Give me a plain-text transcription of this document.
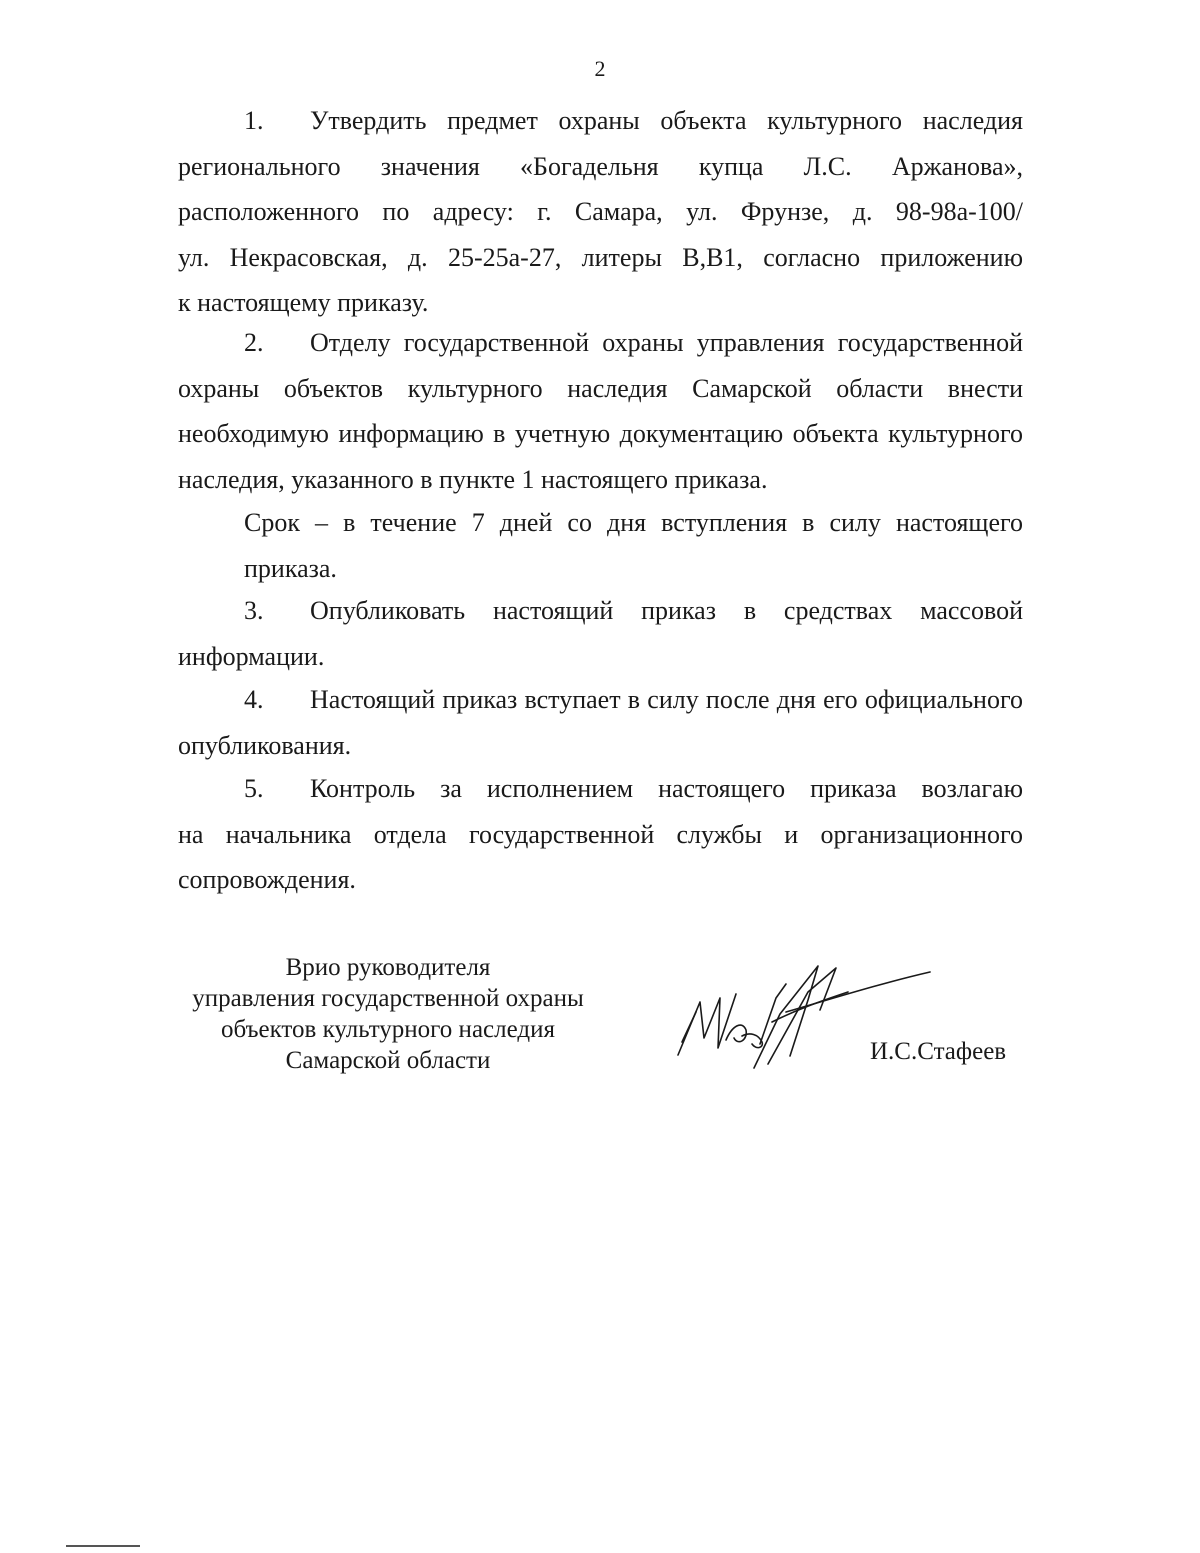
2
1. Утвердить предмет охраны объекта культурного наследия
регионального значения «Богадельня купца Л.С. Аржанова»,
расположенного по адресу: г. Самара, ул. Фрунзе, д. 98-98а-100/
ул. Некрасовская, д. 25-25а-27, литеры В,В1, согласно приложению
к настоящему приказу.
2. Отделу государственной охраны управления государственной
охраны объектов культурного наследия Самарской области внести
необходимую информацию в учетную документацию объекта культурного
наследия, указанного в пункте 1 настоящего приказа.
Срок – в течение 7 дней со дня вступления в силу настоящего
приказа.
3. Опубликовать настоящий приказ в средствах массовой
информации.
4. Настоящий приказ вступает в силу после дня его официального
опубликования.
5. Контроль за исполнением настоящего приказа возлагаю
на начальника отдела государственной службы и организационного
сопровождения.
Врио руководителя
управления государственной охраны
объектов культурного наследия
Самарской области	И.С.Стафеев
